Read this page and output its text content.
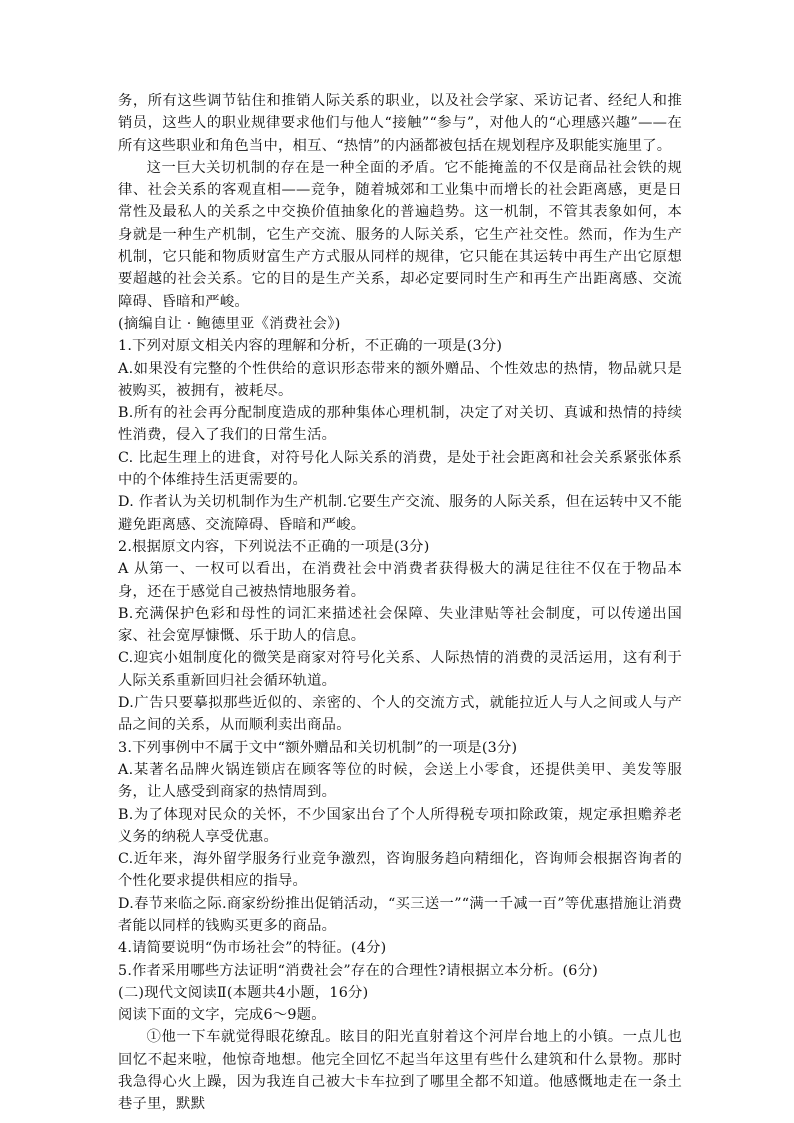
务，所有这些调节钻住和推销人际关系的职业，以及社会学家、采访记者、经纪人和推销员，这些人的职业规律要求他们与他人“接触”“参与”，对他人的“心理感兴趣”——在所有这些职业和角色当中，相互、“热情”的内涵都被包括在规划程序及职能实施里了。

这一巨大关切机制的存在是一种全面的矛盾。它不能掩盖的不仅是商品社会铁的规律、社会关系的客观直相——竞争，随着城郊和工业集中而增长的社会距离感，更是日常性及最私人的关系之中交换价值抽象化的普遍趋势。这一机制，不管其表象如何，本身就是一种生产机制，它生产交流、服务的人际关系，它生产社交性。然而，作为生产机制，它只能和物质财富生产方式服从同样的规律，它只能在其运转中再生产出它原想要超越的社会关系。它的目的是生产关系，却必定要同时生产和再生产出距离感、交流障碍、昏暗和严峻。

(摘编自让 · 鲍德里亚《消费社会》)

1.下列对原文相关内容的理解和分析，不正确的一项是(3分)

A.如果没有完整的个性供给的意识形态带来的额外赠品、个性效忠的热情，物品就只是被购买，被拥有，被耗尽。

B.所有的社会再分配制度造成的那种集体心理机制，决定了对关切、真诚和热情的持续性消费，侵入了我们的日常生活。

C. 比起生理上的进食，对符号化人际关系的消费，是处于社会距离和社会关系紧张体系中的个体维持生活更需要的。

D. 作者认为关切机制作为生产机制.它要生产交流、服务的人际关系，但在运转中又不能避免距离感、交流障碍、昏暗和严峻。

2.根据原文内容，下列说法不正确的一项是(3分)

A 从第一、一权可以看出，在消费社会中消费者获得极大的满足往往不仅在于物品本身，还在于感觉自己被热情地服务着。

B.充满保护色彩和母性的词汇来描述社会保障、失业津贴等社会制度，可以传递出国家、社会宽厚慷慨、乐于助人的信息。

C.迎宾小姐制度化的微笑是商家对符号化关系、人际热情的消费的灵活运用，这有利于人际关系重新回归社会循环轨道。

D.广告只要摹拟那些近似的、亲密的、个人的交流方式，就能拉近人与人之间或人与产品之间的关系，从而顺利卖出商品。

3.下列事例中不属于文中“额外赠品和关切机制”的一项是(3分)

A.某著名品牌火锅连锁店在顾客等位的时候，会送上小零食，还提供美甲、美发等服务，让人感受到商家的热情周到。

B.为了体现对民众的关怀，不少国家出台了个人所得税专项扣除政策，规定承担赡养老义务的纳税人享受优惠。

C.近年来，海外留学服务行业竞争激烈，咨询服务趋向精细化，咨询师会根据咨询者的个性化要求提供相应的指导。

D.春节来临之际.商家纷纷推出促销活动，“买三送一”“满一千减一百”等优惠措施让消费者能以同样的钱购买更多的商品。

4.请简要说明“伪市场社会”的特征。(4分)

5.作者采用哪些方法证明“消费社会”存在的合理性?请根据立本分析。(6分)

(二)现代文阅读Ⅱ(本题共4小题，16分)

阅读下面的文字，完成6～9题。

①他一下车就觉得眼花缭乱。眩目的阳光直射着这个河岸台地上的小镇。一点儿也回忆不起来啦，他惊奇地想。他完全回忆不起当年这里有些什么建筑和什么景物。那时我急得心火上躁，因为我连自己被大卡车拉到了哪里全都不知道。他感慨地走在一条土巷子里，默默
